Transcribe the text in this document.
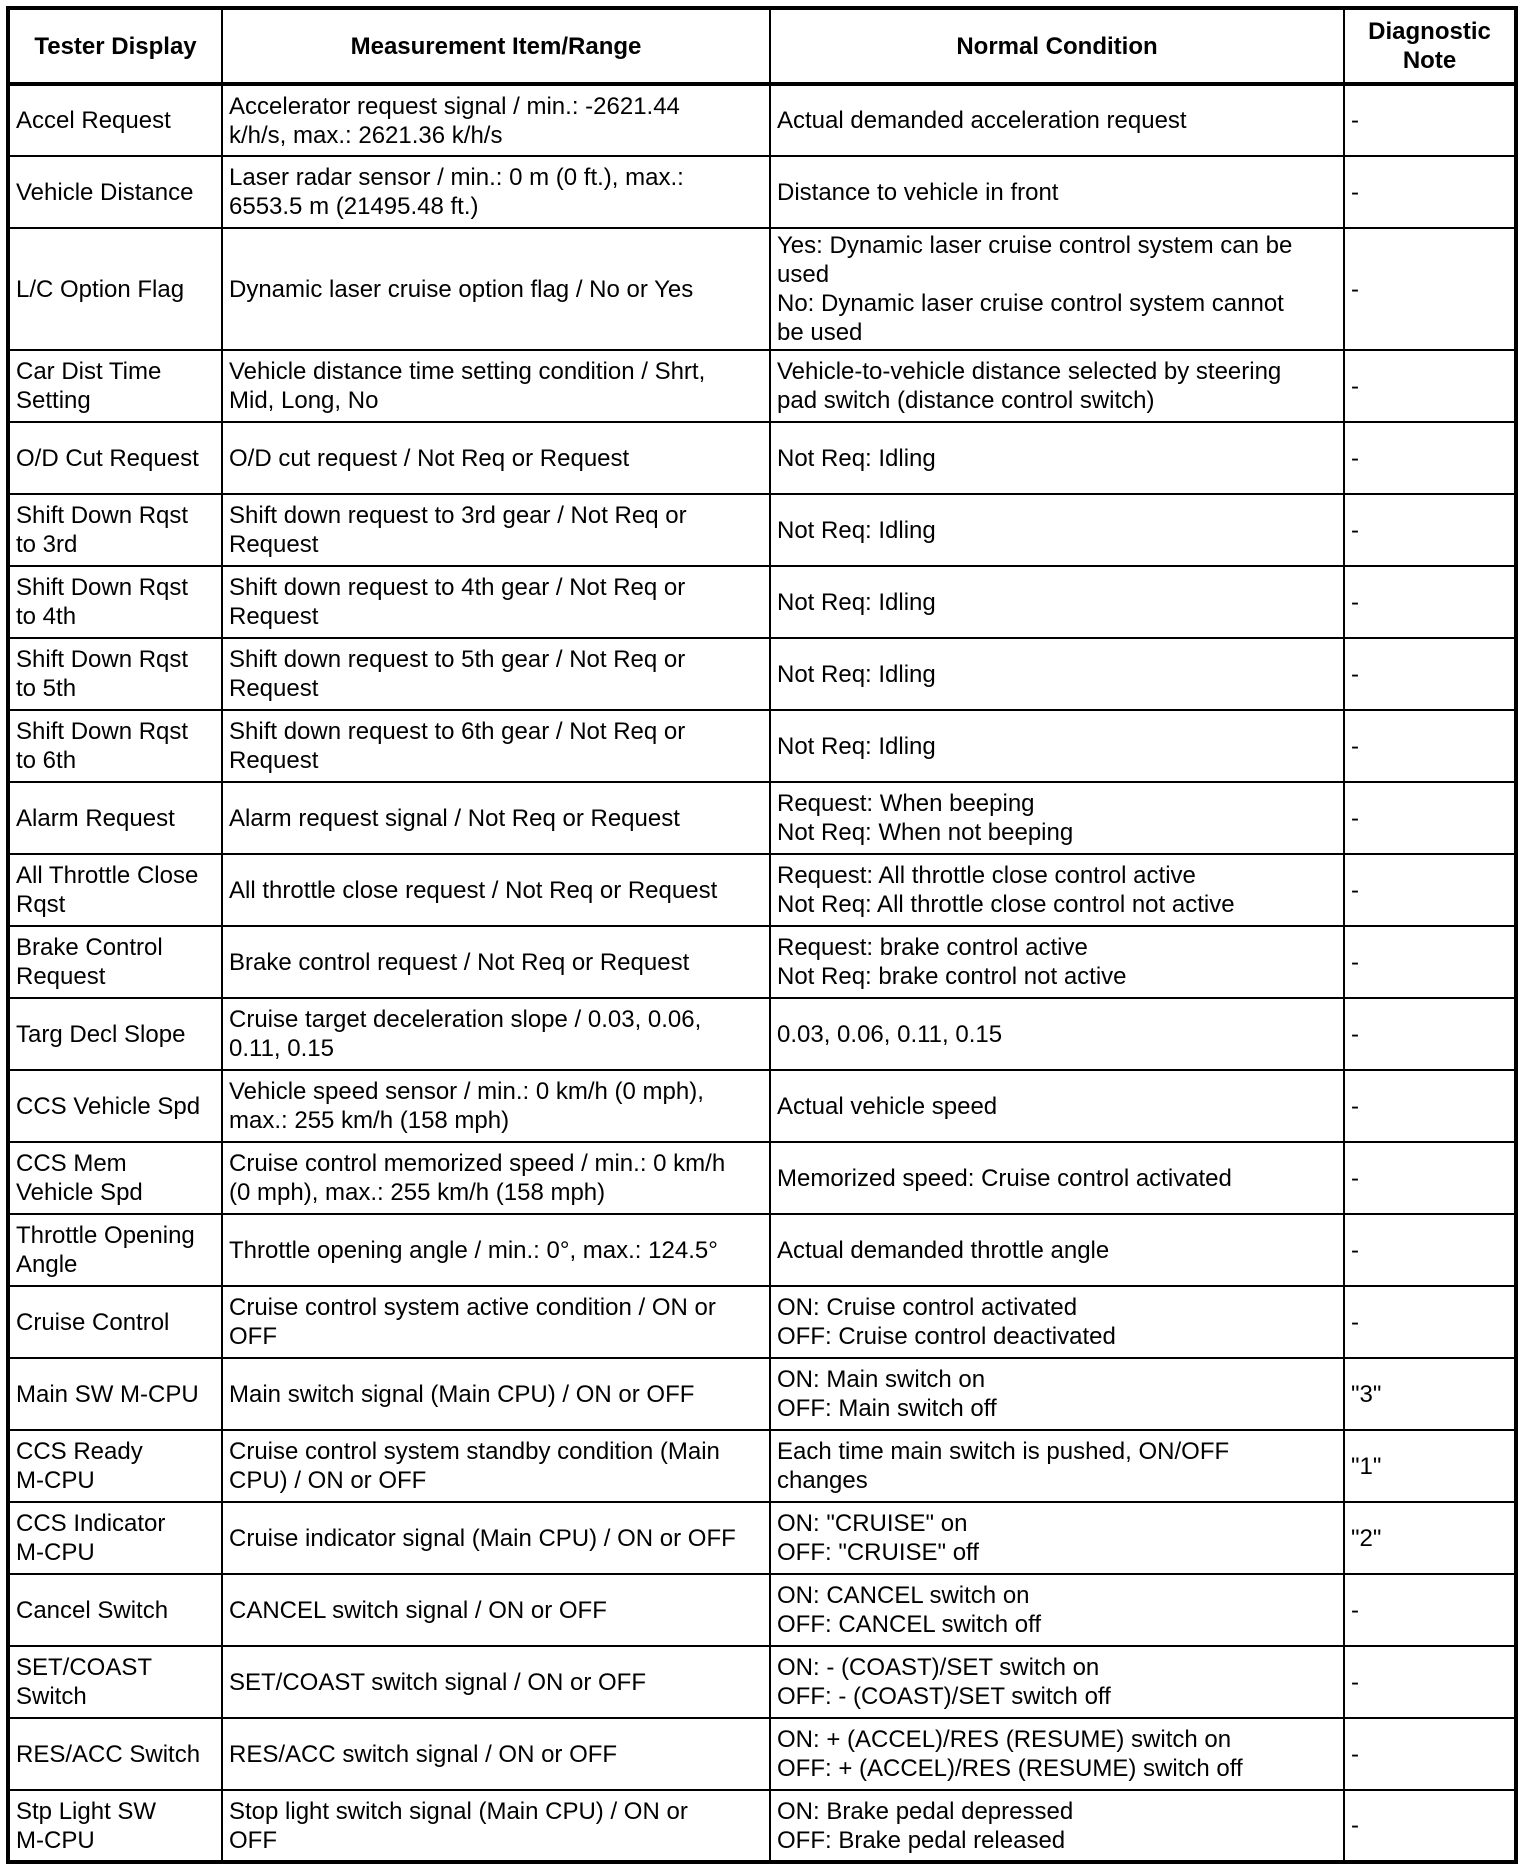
Tester Display	Measurement Item/Range	Normal Condition	Diagnostic
Note
Accel Request	Accelerator request signal / min.: -2621.44
k/h/s, max.: 2621.36 k/h/s	Actual demanded acceleration request	-
Vehicle Distance	Laser radar sensor / min.: 0 m (0 ft.), max.:
6553.5 m (21495.48 ft.)	Distance to vehicle in front	-
L/C Option Flag	Dynamic laser cruise option flag / No or Yes	Yes: Dynamic laser cruise control system can be
used
No: Dynamic laser cruise control system cannot
be used	-
Car Dist Time
Setting	Vehicle distance time setting condition / Shrt,
Mid, Long, No	Vehicle-to-vehicle distance selected by steering
pad switch (distance control switch)	-
O/D Cut Request	O/D cut request / Not Req or Request	Not Req: Idling	-
Shift Down Rqst
to 3rd	Shift down request to 3rd gear / Not Req or
Request	Not Req: Idling	-
Shift Down Rqst
to 4th	Shift down request to 4th gear / Not Req or
Request	Not Req: Idling	-
Shift Down Rqst
to 5th	Shift down request to 5th gear / Not Req or
Request	Not Req: Idling	-
Shift Down Rqst
to 6th	Shift down request to 6th gear / Not Req or
Request	Not Req: Idling	-
Alarm Request	Alarm request signal / Not Req or Request	Request: When beeping
Not Req: When not beeping	-
All Throttle Close
Rqst	All throttle close request / Not Req or Request	Request: All throttle close control active
Not Req: All throttle close control not active	-
Brake Control
Request	Brake control request / Not Req or Request	Request: brake control active
Not Req: brake control not active	-
Targ Decl Slope	Cruise target deceleration slope / 0.03, 0.06,
0.11, 0.15	0.03, 0.06, 0.11, 0.15	-
CCS Vehicle Spd	Vehicle speed sensor / min.: 0 km/h (0 mph),
max.: 255 km/h (158 mph)	Actual vehicle speed	-
CCS Mem
Vehicle Spd	Cruise control memorized speed / min.: 0 km/h
(0 mph), max.: 255 km/h (158 mph)	Memorized speed: Cruise control activated	-
Throttle Opening
Angle	Throttle opening angle / min.: 0°, max.: 124.5°	Actual demanded throttle angle	-
Cruise Control	Cruise control system active condition / ON or
OFF	ON: Cruise control activated
OFF: Cruise control deactivated	-
Main SW M-CPU	Main switch signal (Main CPU) / ON or OFF	ON: Main switch on
OFF: Main switch off	"3"
CCS Ready
M-CPU	Cruise control system standby condition (Main
CPU) / ON or OFF	Each time main switch is pushed, ON/OFF
changes	"1"
CCS Indicator
M-CPU	Cruise indicator signal (Main CPU) / ON or OFF	ON: "CRUISE" on
OFF: "CRUISE" off	"2"
Cancel Switch	CANCEL switch signal / ON or OFF	ON: CANCEL switch on
OFF: CANCEL switch off	-
SET/COAST
Switch	SET/COAST switch signal / ON or OFF	ON: - (COAST)/SET switch on
OFF: - (COAST)/SET switch off	-
RES/ACC Switch	RES/ACC switch signal / ON or OFF	ON: + (ACCEL)/RES (RESUME) switch on
OFF: + (ACCEL)/RES (RESUME) switch off	-
Stp Light SW
M-CPU	Stop light switch signal (Main CPU) / ON or
OFF	ON: Brake pedal depressed
OFF: Brake pedal released	-
